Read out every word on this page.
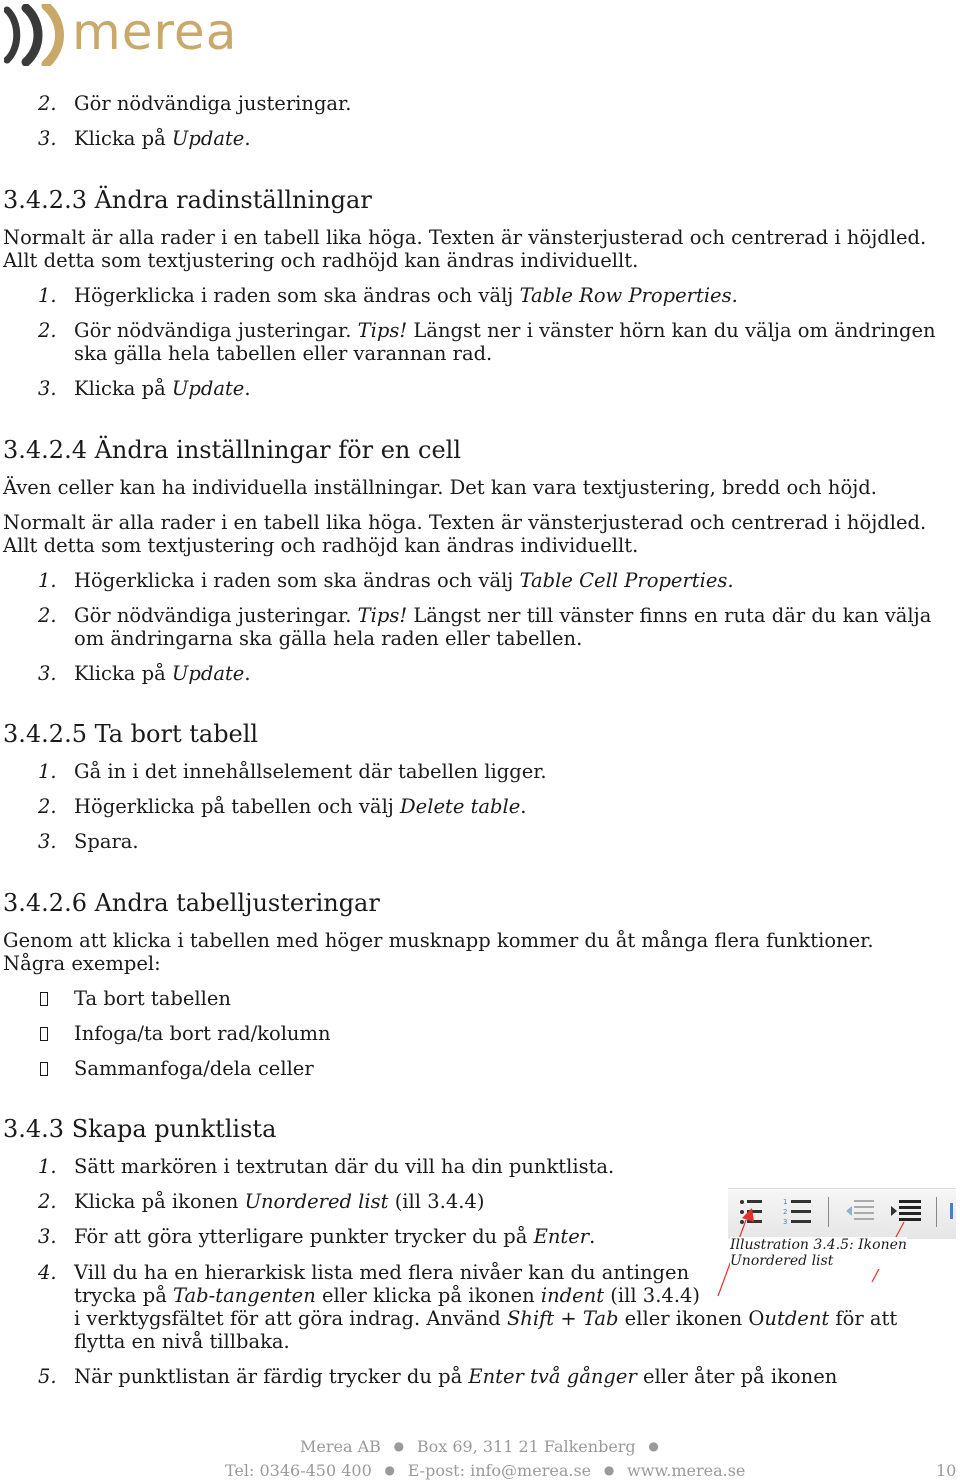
merea
2. Gör nödvändiga justeringar.
3. Klicka på Update.
3.4.2.3 Ändra radinställningar
Normalt är alla rader i en tabell lika höga. Texten är vänsterjusterad och centrerad i höjdled.
Allt detta som textjustering och radhöjd kan ändras individuellt.
1. Högerklicka i raden som ska ändras och välj Table Row Properties.
2. Gör nödvändiga justeringar. Tips! Längst ner i vänster hörn kan du välja om ändringen
ska gälla hela tabellen eller varannan rad.
3. Klicka på Update.
3.4.2.4 Ändra inställningar för en cell
Även celler kan ha individuella inställningar. Det kan vara textjustering, bredd och höjd.
Normalt är alla rader i en tabell lika höga. Texten är vänsterjusterad och centrerad i höjdled.
Allt detta som textjustering och radhöjd kan ändras individuellt.
1. Högerklicka i raden som ska ändras och välj Table Cell Properties.
2. Gör nödvändiga justeringar. Tips! Längst ner till vänster finns en ruta där du kan välja
om ändringarna ska gälla hela raden eller tabellen.
3. Klicka på Update.
3.4.2.5 Ta bort tabell
1. Gå in i det innehållselement där tabellen ligger.
2. Högerklicka på tabellen och välj Delete table.
3. Spara.
3.4.2.6 Andra tabelljusteringar
Genom att klicka i tabellen med höger musknapp kommer du åt många flera funktioner.
Några exempel:
Ta bort tabellen
Infoga/ta bort rad/kolumn
Sammanfoga/dela celler
3.4.3 Skapa punktlista
1. Sätt markören i textrutan där du vill ha din punktlista.
2. Klicka på ikonen Unordered list (ill 3.4.4)
3. För att göra ytterligare punkter trycker du på Enter.
4. Vill du ha en hierarkisk lista med flera nivåer kan du antingen
trycka på Tab-tangenten eller klicka på ikonen indent (ill 3.4.4)
i verktygsfältet för att göra indrag. Använd Shift + Tab eller ikonen Outdent för att
flytta en nivå tillbaka.
5. När punktlistan är färdig trycker du på Enter två gånger eller åter på ikonen
1
2
3
Illustration 3.4.5: Ikonen
Unordered list
Merea AB   ●   Box 69, 311 21 Falkenberg   ●
Tel: 0346-450 400   ●   E-post: info@merea.se   ●   www.merea.se	10
